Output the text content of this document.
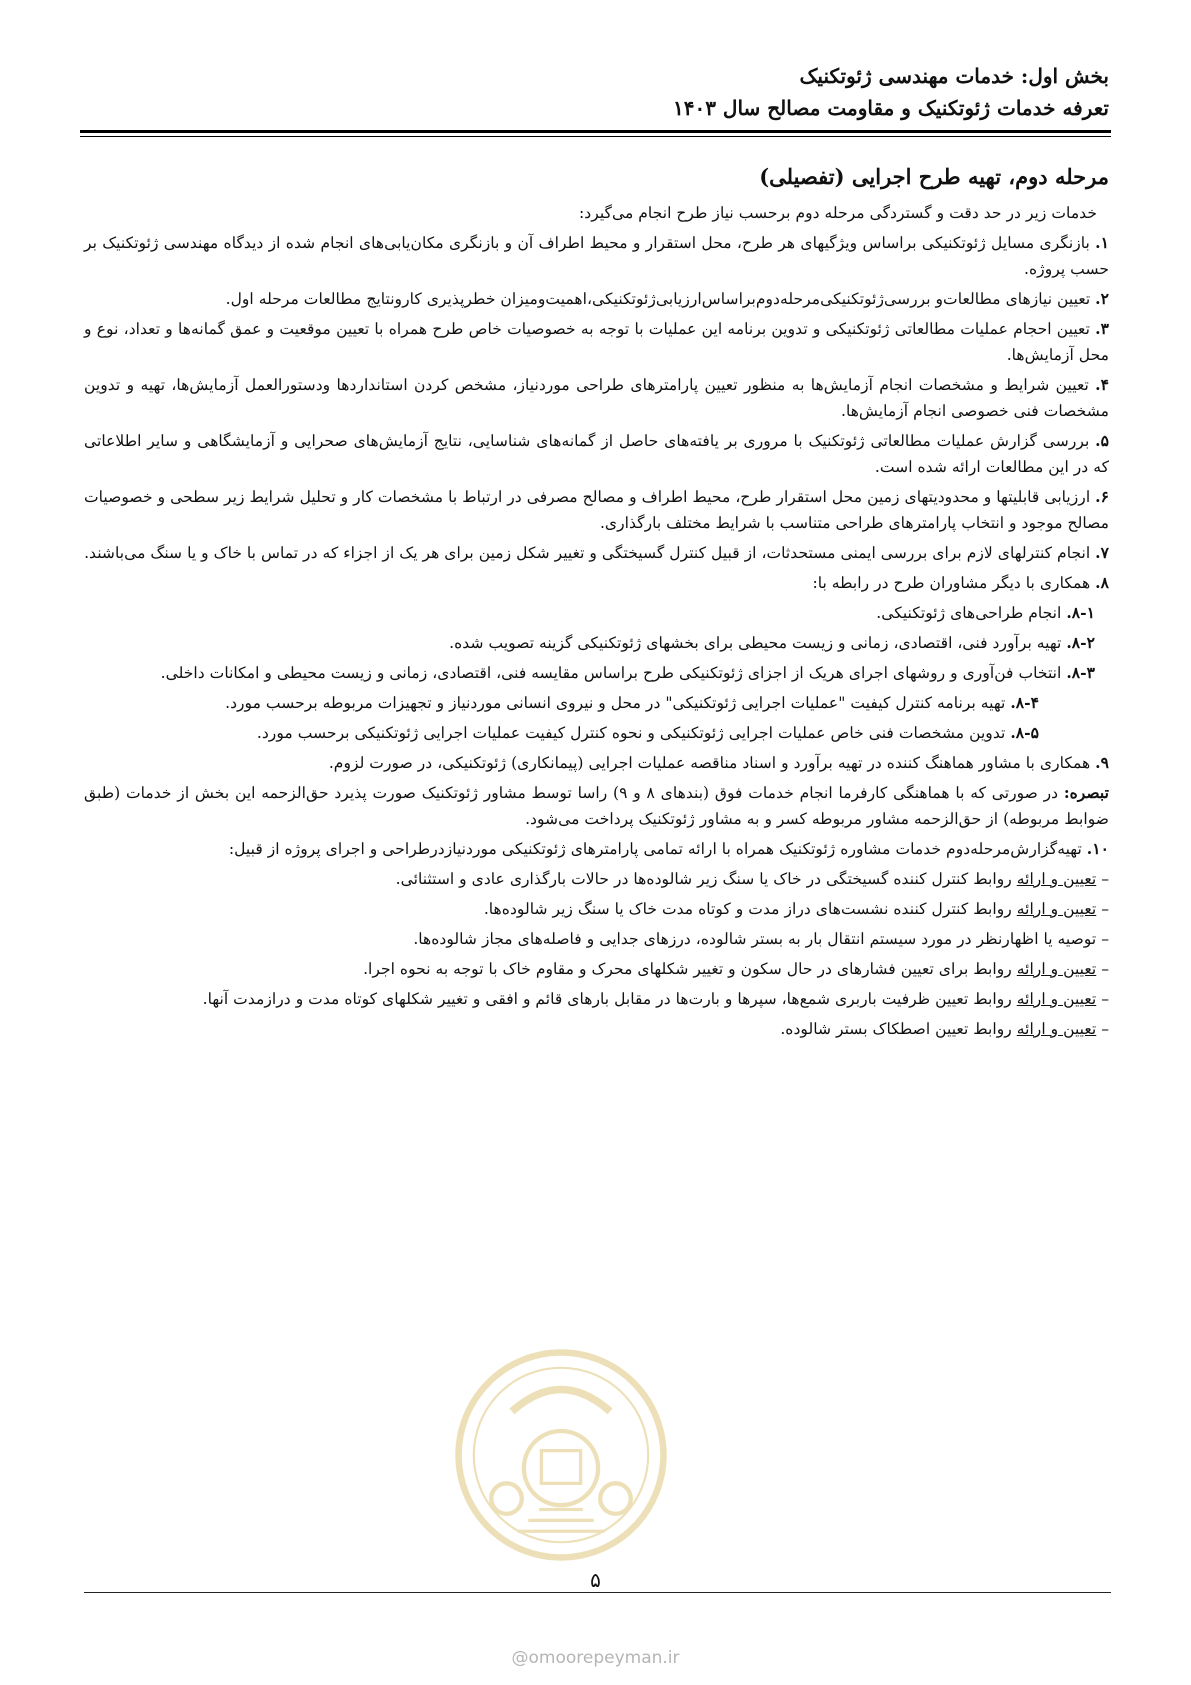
بخش اول: خدمات مهندسی ژئوتکنیک
تعرفه خدمات ژئوتکنیک و مقاومت مصالح سال ۱۴۰۳
مرحله دوم، تهیه طرح اجرایی (تفصیلی)
خدمات زیر در حد دقت و گستردگی مرحله دوم برحسب نیاز طرح انجام می‌گیرد:
۱. بازنگری مسایل ژئوتکنیکی براساس ویژگیهای هر طرح، محل استقرار و محیط اطراف آن و بازنگری مکان‌یابی‌های انجام شده از دیدگاه مهندسی ژئوتکنیک بر حسب پروژه.
۲. تعیین نیازهای مطالعات‌و بررسی‌ژئوتکنیکی‌مرحله‌دوم‌براساس‌ارزیابی‌ژئوتکنیکی،اهمیت‌ومیزان خطرپذیری کارونتایج مطالعات مرحله اول.
۳. تعیین احجام عملیات مطالعاتی ژئوتکنیکی و تدوین برنامه این عملیات با توجه به خصوصیات خاص طرح همراه با تعیین موقعیت و عمق گمانه‌ها و تعداد، نوع و محل آزمایش‌ها.
۴. تعیین شرایط و مشخصات انجام آزمایش‌ها به منظور تعیین پارامترهای طراحی موردنیاز، مشخص کردن استانداردها ودستورالعمل آزمایش‌ها، تهیه و تدوین مشخصات فنی خصوصی انجام آزمایش‌ها.
۵. بررسی گزارش عملیات مطالعاتی ژئوتکنیک با مروری بر یافته‌های حاصل از گمانه‌های شناسایی، نتایج آزمایش‌های صحرایی و آزمایشگاهی و سایر اطلاعاتی که در این مطالعات ارائه شده است.
۶. ارزیابی قابلیتها و محدودیتهای زمین محل استقرار طرح، محیط اطراف و مصالح مصرفی در ارتباط با مشخصات کار و تحلیل شرایط زیر سطحی و خصوصیات مصالح موجود و انتخاب پارامترهای طراحی متناسب با شرایط مختلف بارگذاری.
۷. انجام کنترلهای لازم برای بررسی ایمنی مستحدثات، از قبیل کنترل گسیختگی و تغییر شکل زمین برای هر یک از اجزاء که در تماس با خاک و یا سنگ می‌باشند.
۸. همکاری با دیگر مشاوران طرح در رابطه با:
۸-۱. انجام طراحی‌های ژئوتکنیکی.
۸-۲. تهیه برآورد فنی، اقتصادی، زمانی و زیست محیطی برای بخشهای ژئوتکنیکی گزینه تصویب شده.
۸-۳. انتخاب فن‌آوری و روشهای اجرای هریک از اجزای ژئوتکنیکی طرح براساس مقایسه فنی، اقتصادی، زمانی و زیست محیطی و امکانات داخلی.
۸-۴. تهیه برنامه کنترل کیفیت "عملیات اجرایی ژئوتکنیکی" در محل و نیروی انسانی موردنیاز و تجهیزات مربوطه برحسب مورد.
۸-۵. تدوین مشخصات فنی خاص عملیات اجرایی ژئوتکنیکی و نحوه کنترل کیفیت عملیات اجرایی ژئوتکنیکی برحسب مورد.
۹. همکاری با مشاور هماهنگ کننده در تهیه برآورد و اسناد مناقصه عملیات اجرایی (پیمانکاری) ژئوتکنیکی، در صورت لزوم.
تبصره: در صورتی که با هماهنگی کارفرما انجام خدمات فوق (بندهای ۸ و ۹) راسا توسط مشاور ژئوتکنیک صورت پذیرد حق‌الزحمه این بخش از خدمات (طبق ضوابط مربوطه) از حق‌الزحمه مشاور مربوطه کسر و به مشاور ژئوتکنیک پرداخت می‌شود.
۱۰. تهیه‌گزارش‌مرحله‌دوم خدمات مشاوره ژئوتکنیک همراه با ارائه تمامی پارامترهای ژئوتکنیکی موردنیازدرطراحی و اجرای پروژه از قبیل:
– تعیین و ارائه روابط کنترل کننده گسیختگی در خاک یا سنگ زیر شالوده‌ها در حالات بارگذاری عادی و استثنائی.
– تعیین و ارائه روابط کنترل کننده نشست‌های دراز مدت و کوتاه مدت خاک یا سنگ زیر شالوده‌ها.
– توصیه یا اظهارنظر در مورد سیستم انتقال بار به بستر شالوده، درزهای جدایی و فاصله‌های مجاز شالوده‌ها.
– تعیین و ارائه روابط برای تعیین فشارهای در حال سکون و تغییر شکلهای محرک و مقاوم خاک با توجه به نحوه اجرا.
– تعیین و ارائه روابط تعیین ظرفیت باربری شمع‌ها، سپرها و بارت‌ها در مقابل بارهای قائم و افقی و تغییر شکلهای کوتاه مدت و درازمدت آنها.
– تعیین و ارائه روابط تعیین اصطکاک بستر شالوده.
۵
@omoorepeyman.ir
